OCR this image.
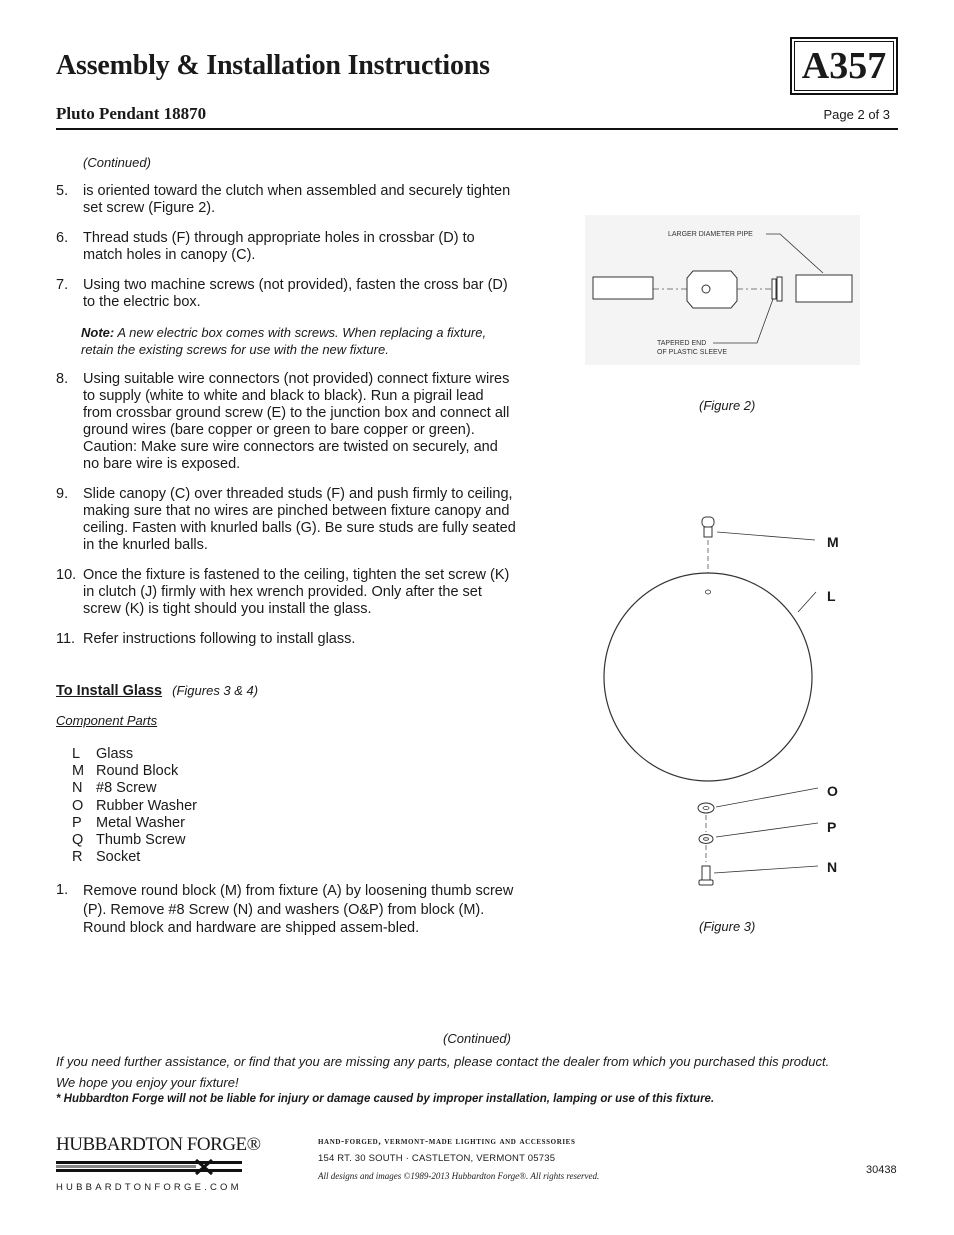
Assembly & Installation Instructions
Pluto Pendant 18870
A357
Page 2 of 3
(Continued)
5.	is oriented toward the clutch when assembled and securely tighten set screw (Figure 2).
6.	Thread studs (F) through appropriate holes in crossbar (D) to match holes in canopy (C).
7.	Using two machine screws (not provided), fasten the cross bar (D) to the electric box.
Note: A new electric box comes with screws. When replacing a fixture, retain the existing screws for use with the new fixture.
8.	Using suitable wire connectors (not provided) connect fixture wires to supply (white to white and black to black). Run a pigrail lead from crossbar ground screw (E) to the junction box and connect all ground wires (bare copper or green to bare copper or green). Caution: Make sure wire connectors are twisted on securely, and no bare wire is exposed.
9.	Slide canopy (C) over threaded studs (F) and push firmly to ceiling, making sure that no wires are pinched between fixture canopy and ceiling. Fasten with knurled balls (G). Be sure studs are fully seated in the knurled balls.
10. Once the fixture is fastened to the ceiling, tighten the set screw (K) in clutch (J) firmly with hex wrench provided. Only after the set screw (K) is tight should you install the glass.
11. Refer instructions following to install glass.
To Install Glass (Figures 3 & 4)
Component Parts
L Glass
M Round Block
N #8 Screw
O Rubber Washer
P Metal Washer
Q Thumb Screw
R Socket
1.	Remove round block (M) from fixture (A) by loosening thumb screw (P). Remove #8 Screw (N) and washers (O&P) from block (M). Round block and hardware are shipped assem-bled.
LARGER DIAMETER PIPE
TAPERED END
OF PLASTIC SLEEVE
(Figure 2)
M
L
O
P
N
(Figure 3)
(Continued)
If you need further assistance, or find that you are missing any parts, please contact the dealer from which you purchased this product.
We hope you enjoy your fixture!
* Hubbardton Forge will not be liable for injury or damage caused by improper installation, lamping or use of this fixture.
HUBBARDTON FORGE®
HUBBARDTONFORGE.COM
hand-forged, vermont-made lighting and accessories
154 RT. 30 SOUTH · CASTLETON, VERMONT 05735
All designs and images ©1989-2013 Hubbardton Forge®. All rights reserved.	30438
